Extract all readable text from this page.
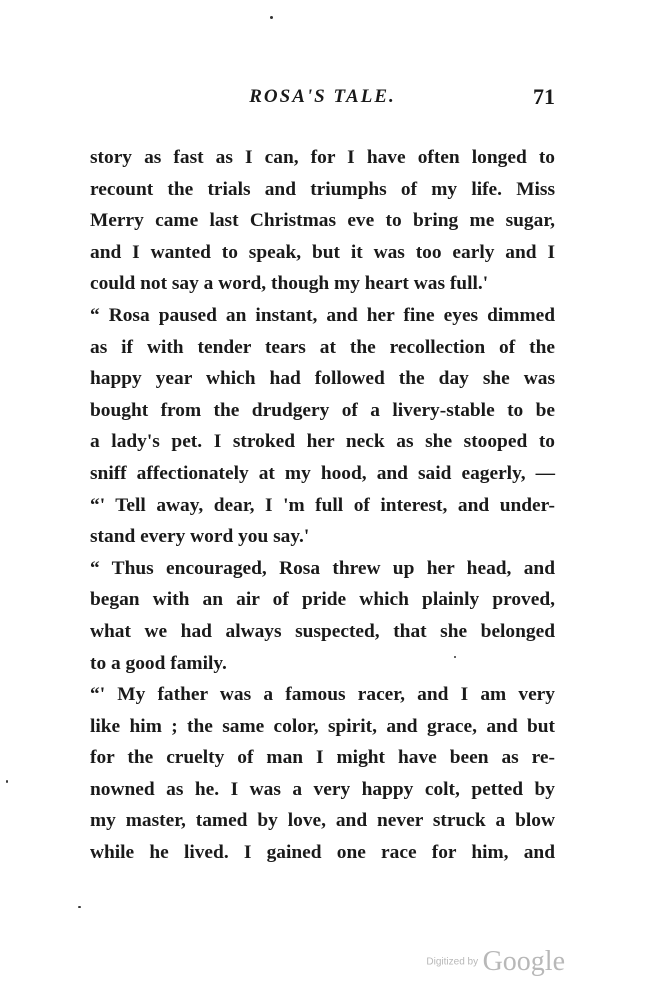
ROSA'S TALE.	71
story as fast as I can, for I have often longed to
recount the trials and triumphs of my life. Miss
Merry came last Christmas eve to bring me sugar,
and I wanted to speak, but it was too early and I
could not say a word, though my heart was full.'
“ Rosa paused an instant, and her fine eyes dimmed
as if with tender tears at the recollection of the
happy year which had followed the day she was
bought from the drudgery of a livery-stable to be
a lady's pet. I stroked her neck as she stooped to
sniff affectionately at my hood, and said eagerly, —
“' Tell away, dear, I 'm full of interest, and under-
stand every word you say.'
“ Thus encouraged, Rosa threw up her head, and
began with an air of pride which plainly proved,
what we had always suspected, that she belonged
to a good family.
“' My father was a famous racer, and I am very
like him ; the same color, spirit, and grace, and but
for the cruelty of man I might have been as re-
nowned as he. I was a very happy colt, petted by
my master, tamed by love, and never struck a blow
while he lived. I gained one race for him, and
Digitized by Google
